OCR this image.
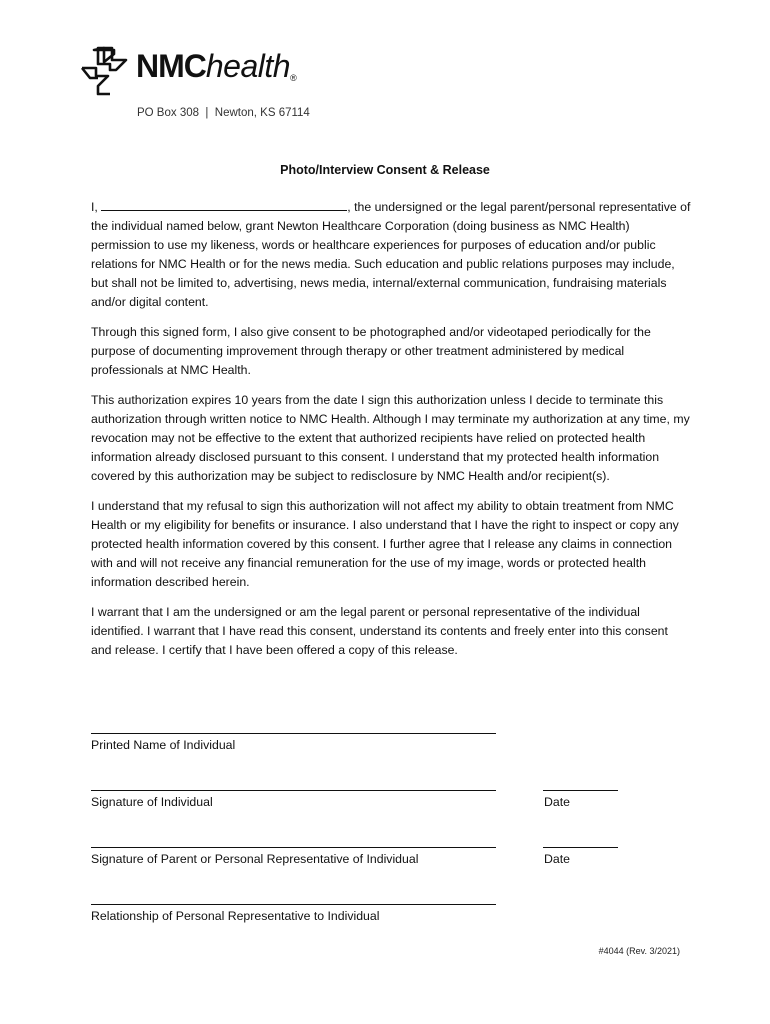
NMChealth®
PO Box 308  |  Newton, KS 67114
Photo/Interview Consent & Release

I,	, the undersigned or the legal parent/personal representative of the individual named below, grant Newton Healthcare Corporation (doing business as NMC Health) permission to use my likeness, words or healthcare experiences for purposes of education and/or public relations for NMC Health or for the news media. Such education and public relations purposes may include, but shall not be limited to, advertising, news media, internal/external communication, fundraising materials and/or digital content.

Through this signed form, I also give consent to be photographed and/or videotaped periodically for the purpose of documenting improvement through therapy or other treatment administered by medical professionals at NMC Health.

This authorization expires 10 years from the date I sign this authorization unless I decide to terminate this authorization through written notice to NMC Health. Although I may terminate my authorization at any time, my revocation may not be effective to the extent that authorized recipients have relied on protected health information already disclosed pursuant to this consent. I understand that my protected health information covered by this authorization may be subject to redisclosure by NMC Health and/or recipient(s).

I understand that my refusal to sign this authorization will not affect my ability to obtain treatment from NMC Health or my eligibility for benefits or insurance. I also understand that I have the right to inspect or copy any protected health information covered by this consent. I further agree that I release any claims in connection with and will not receive any financial remuneration for the use of my image, words or protected health information described herein.

I warrant that I am the undersigned or am the legal parent or personal representative of the individual identified. I warrant that I have read this consent, understand its contents and freely enter into this consent and release. I certify that I have been offered a copy of this release.

Printed Name of Individual
Signature of Individual	Date
Signature of Parent or Personal Representative of Individual	Date
Relationship of Personal Representative to Individual
#4044 (Rev. 3/2021)
